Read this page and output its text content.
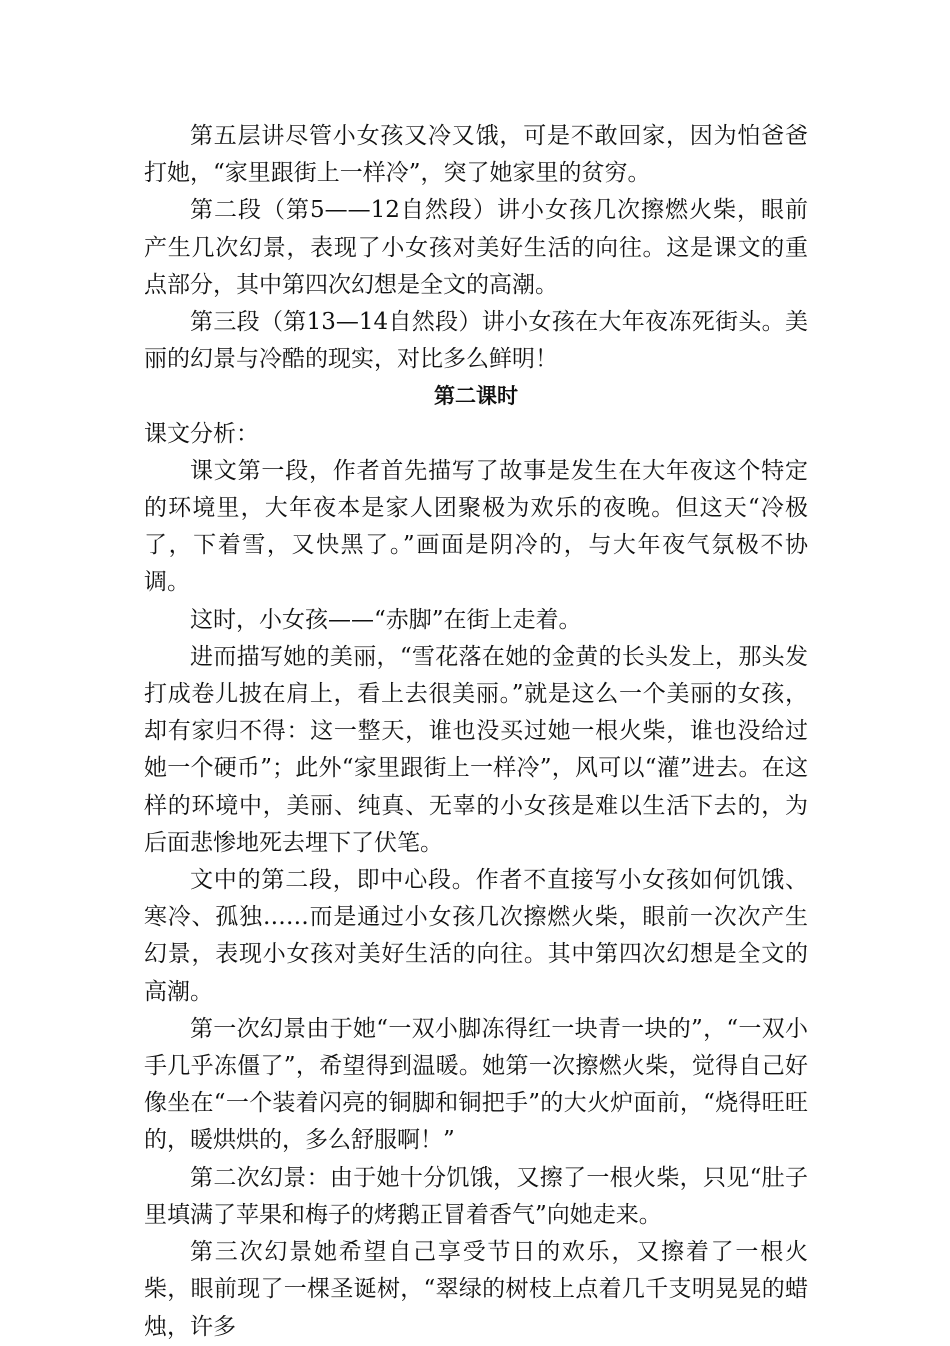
第五层讲尽管小女孩又冷又饿，可是不敢回家，因为怕爸爸打她，“家里跟街上一样冷”，突了她家里的贫穷。

第二段（第5——12自然段）讲小女孩几次擦燃火柴，眼前产生几次幻景，表现了小女孩对美好生活的向往。这是课文的重点部分，其中第四次幻想是全文的高潮。

第三段（第13—14自然段）讲小女孩在大年夜冻死街头。美丽的幻景与冷酷的现实，对比多么鲜明！

第二课时

课文分析：

课文第一段，作者首先描写了故事是发生在大年夜这个特定的环境里，大年夜本是家人团聚极为欢乐的夜晚。但这天“冷极了，下着雪，又快黑了。”画面是阴冷的，与大年夜气氛极不协调。

这时，小女孩——“赤脚”在街上走着。

进而描写她的美丽，“雪花落在她的金黄的长头发上，那头发打成卷儿披在肩上，看上去很美丽。”就是这么一个美丽的女孩，却有家归不得：这一整天，谁也没买过她一根火柴，谁也没给过她一个硬币”；此外“家里跟街上一样冷”，风可以“灌”进去。在这样的环境中，美丽、纯真、无辜的小女孩是难以生活下去的，为后面悲惨地死去埋下了伏笔。

文中的第二段，即中心段。作者不直接写小女孩如何饥饿、寒冷、孤独……而是通过小女孩几次擦燃火柴，眼前一次次产生幻景，表现小女孩对美好生活的向往。其中第四次幻想是全文的高潮。

第一次幻景由于她“一双小脚冻得红一块青一块的”，“一双小手几乎冻僵了”，希望得到温暖。她第一次擦燃火柴，觉得自己好像坐在“一个装着闪亮的铜脚和铜把手”的大火炉面前，“烧得旺旺的，暖烘烘的，多么舒服啊！”

第二次幻景：由于她十分饥饿，又擦了一根火柴，只见“肚子里填满了苹果和梅子的烤鹅正冒着香气”向她走来。

第三次幻景她希望自己享受节日的欢乐，又擦着了一根火柴，眼前现了一棵圣诞树，“翠绿的树枝上点着几千支明晃晃的蜡烛，许多
